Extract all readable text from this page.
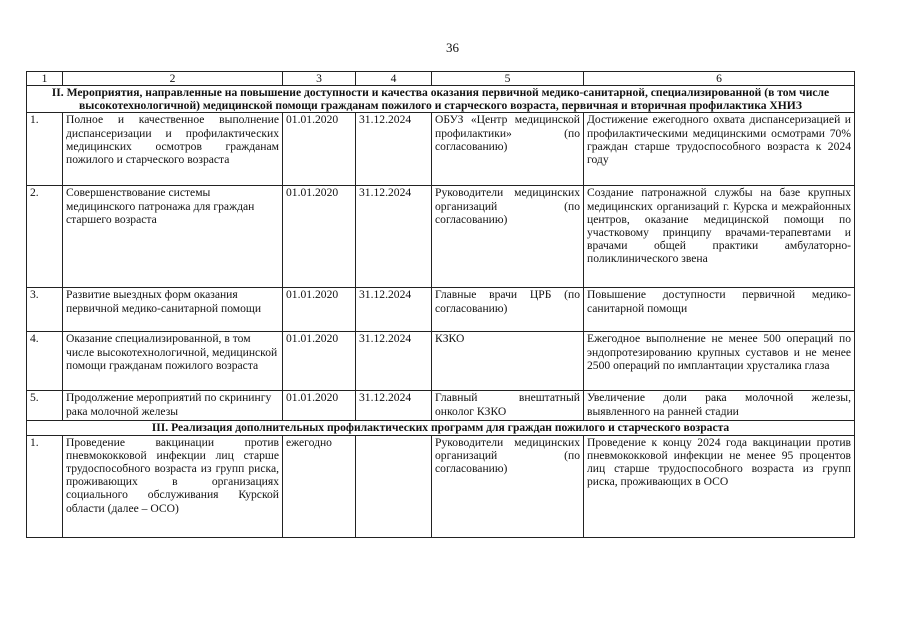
36
1	2	3	4	5	6
II. Мероприятия, направленные на повышение доступности и качества оказания первичной медико-санитарной, специализированной (в том числе высокотехнологичной) медицинской помощи гражданам пожилого и старческого возраста, первичная и вторичная профилактика ХНИЗ					
1.	Полное и качественное выполнение диспансеризации и профилактических медицинских осмотров гражданам пожилого и старческого возраста	01.01.2020	31.12.2024	ОБУЗ «Центр медицинской профилактики» (по согласованию)	Достижение ежегодного охвата диспансеризацией и профилактическими медицинскими осмотрами 70% граждан старше трудоспособного возраста к 2024 году
2.	Совершенствование системы медицинского патронажа для граждан старшего возраста	01.01.2020	31.12.2024	Руководители медицинских организаций (по согласованию)	Создание патронажной службы на базе крупных медицинских организаций г. Курска и межрайонных центров, оказание медицинской помощи по участковому принципу врачами-терапевтами и врачами общей практики амбулаторно-поликлинического звена
3.	Развитие выездных форм оказания первичной медико-санитарной помощи	01.01.2020	31.12.2024	Главные врачи ЦРБ (по согласованию)	Повышение доступности первичной медико-санитарной помощи
4.	Оказание специализированной, в том числе высокотехнологичной, медицинской помощи гражданам пожилого возраста	01.01.2020	31.12.2024	КЗКО	Ежегодное выполнение не менее 500 операций по эндопротезированию крупных суставов и не менее 2500 операций по имплантации хрусталика глаза
5.	Продолжение мероприятий по скринингу рака молочной железы	01.01.2020	31.12.2024	Главный внештатный онколог КЗКО	Увеличение доли рака молочной железы, выявленного на ранней стадии
III. Реализация дополнительных профилактических программ для граждан пожилого и старческого возраста					
1.	Проведение вакцинации против пневмококковой инфекции лиц старше трудоспособного возраста из групп риска, проживающих в организациях социального обслуживания Курской области (далее – ОСО)	ежегодно		Руководители медицинских организаций (по согласованию)	Проведение к концу 2024 года вакцинации против пневмококковой инфекции не менее 95 процентов лиц старше трудоспособного возраста из групп риска, проживающих в ОСО
